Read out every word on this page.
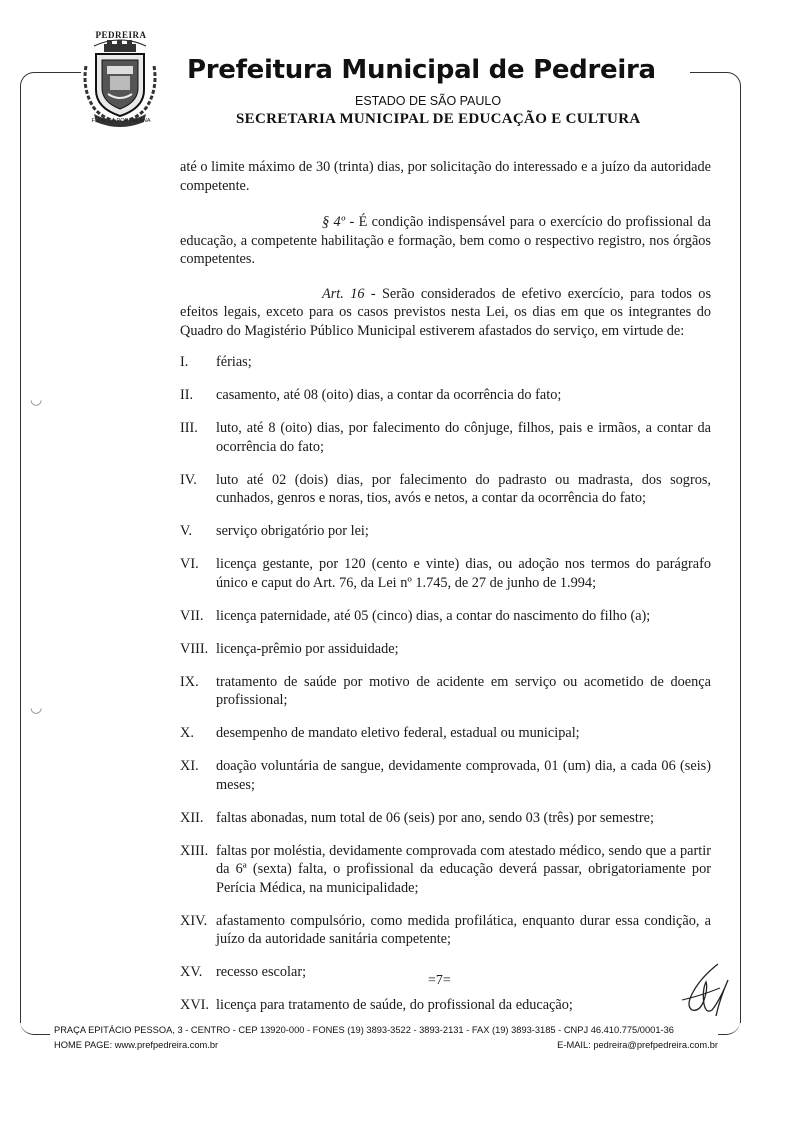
PEDREIRA
FLOR DA PORCELANA
Prefeitura Municipal de Pedreira
ESTADO DE SÃO PAULO
SECRETARIA MUNICIPAL DE EDUCAÇÃO E CULTURA

até o limite máximo de 30 (trinta) dias, por solicitação do interessado e a juízo da autoridade competente.

§ 4º - É condição indispensável para o exercício do profissional da educação, a competente habilitação e formação, bem como o respectivo registro, nos órgãos competentes.

Art. 16 - Serão considerados de efetivo exercício, para todos os efeitos legais, exceto para os casos previstos nesta Lei, os dias em que os integrantes do Quadro do Magistério Público Municipal estiverem afastados do serviço, em virtude de:

I. férias;
II. casamento, até 08 (oito) dias, a contar da ocorrência do fato;
III. luto, até 8 (oito) dias, por falecimento do cônjuge, filhos, pais e irmãos, a contar da ocorrência do fato;
IV. luto até 02 (dois) dias, por falecimento do padrasto ou madrasta, dos sogros, cunhados, genros e noras, tios, avós e netos, a contar da ocorrência do fato;
V. serviço obrigatório por lei;
VI. licença gestante, por 120 (cento e vinte) dias, ou adoção nos termos do parágrafo único e caput do Art. 76, da Lei nº 1.745, de 27 de junho de 1.994;
VII. licença paternidade, até 05 (cinco) dias, a contar do nascimento do filho (a);
VIII. licença-prêmio por assiduidade;
IX. tratamento de saúde por motivo de acidente em serviço ou acometido de doença profissional;
X. desempenho de mandato eletivo federal, estadual ou municipal;
XI. doação voluntária de sangue, devidamente comprovada, 01 (um) dia, a cada 06 (seis) meses;
XII. faltas abonadas, num total de 06 (seis) por ano, sendo 03 (três) por semestre;
XIII. faltas por moléstia, devidamente comprovada com atestado médico, sendo que a partir da 6ª (sexta) falta, o profissional da educação deverá passar, obrigatoriamente por Perícia Médica, na municipalidade;
XIV. afastamento compulsório, como medida profilática, enquanto durar essa condição, a juízo da autoridade sanitária competente;
XV. recesso escolar;
XVI. licença para tratamento de saúde, do profissional da educação;
=7=
PRAÇA EPITÁCIO PESSOA, 3 - CENTRO - CEP 13920-000 - FONES (19) 3893-3522 - 3893-2131 - FAX (19) 3893-3185 - CNPJ 46.410.775/0001-36
HOME PAGE: www.prefpedreira.com.br	E-MAIL: pedreira@prefpedreira.com.br
◡
◡
